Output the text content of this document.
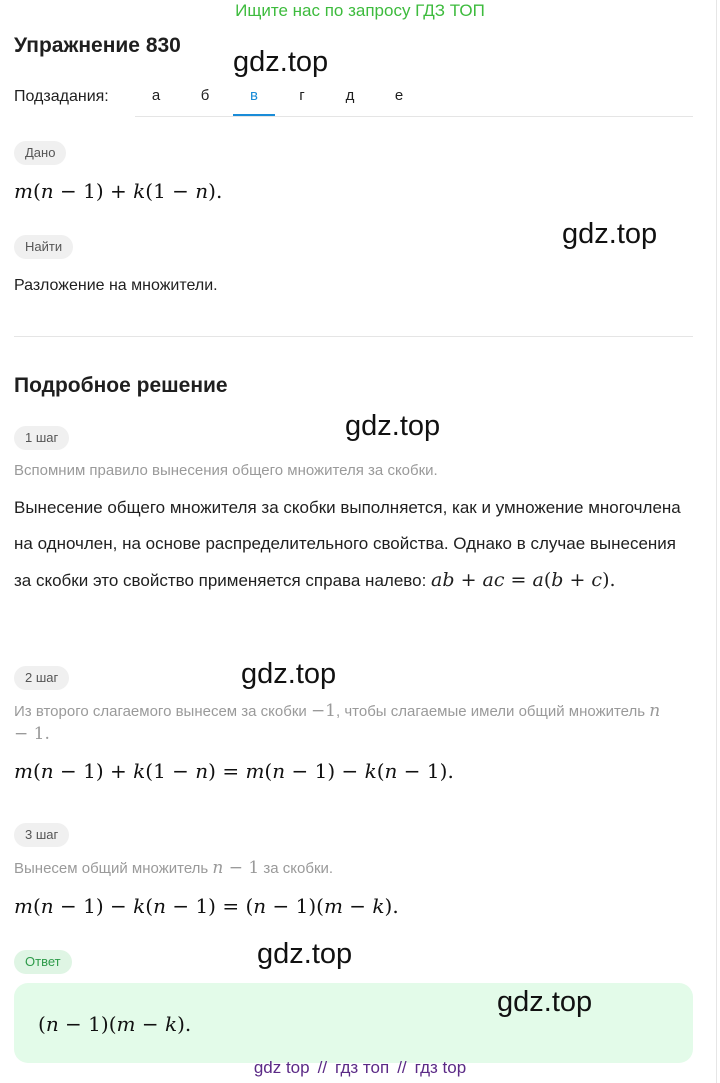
Ищите нас по запросу ГДЗ ТОП
Упражнение 830
gdz.top
Подзадания:	а	б	в	г	д	е
Дано
m(n − 1) + k(1 − n).
gdz.top
Найти
Разложение на множители.
Подробное решение
gdz.top
1 шаг
Вспомним правило вынесения общего множителя за скобки.
Вынесение общего множителя за скобки выполняется, как и умножение многочлена на одночлен, на основе распределительного свойства. Однако в случае вынесения за скобки это свойство применяется справа налево: ab + ac = a(b + c).
gdz.top
2 шаг
Из второго слагаемого вынесем за скобки −1, чтобы слагаемые имели общий множитель n − 1.
m(n − 1) + k(1 − n) = m(n − 1) − k(n − 1).
3 шаг
Вынесем общий множитель n − 1 за скобки.
m(n − 1) − k(n − 1) = (n − 1)(m − k).
gdz.top
Ответ
(n − 1)(m − k).
gdz.top
gdz top // гдз топ // гдз top
